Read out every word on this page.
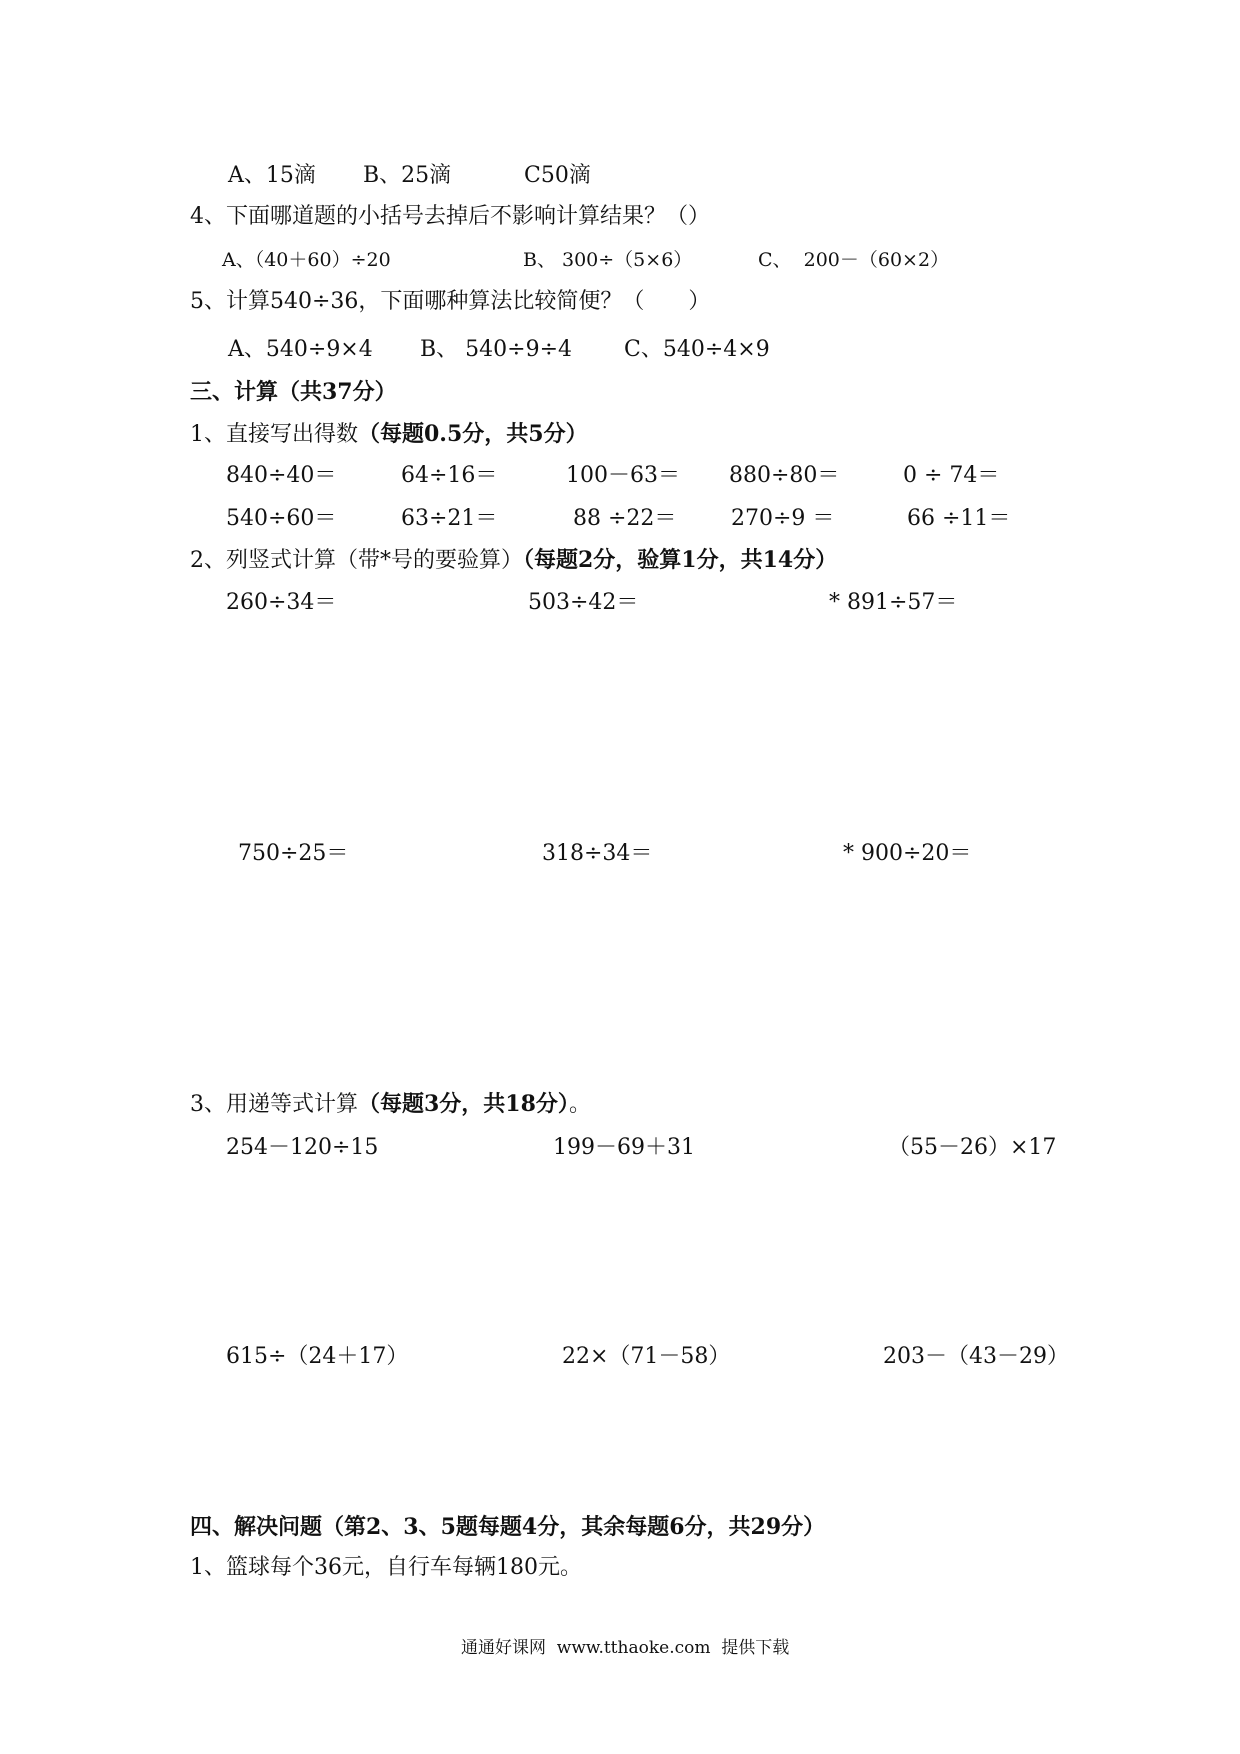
A、15滴 B、25滴	C50滴
4、下面哪道题的小括号去掉后不影响计算结果？（）
A、（40＋60）÷20	B、 300÷（5×6）	C、  200－（60×2）
5、计算540÷36，下面哪种算法比较简便？（　　）
A、540÷9×4 B、 540÷9÷4 C、540÷4×9
三、计算（共37分）
1、直接写出得数（每题0.5分，共5分）
840÷40＝	64÷16＝	100－63＝ 880÷80＝	0 ÷ 74＝
540÷60＝	63÷21＝	88 ÷22＝ 270÷9 ＝	66 ÷11＝
2、列竖式计算（带*号的要验算）（每题2分，验算1分，共14分）
260÷34＝	503÷42＝	* 891÷57＝
750÷25＝	318÷34＝	* 900÷20＝
3、用递等式计算（每题3分，共18分）。
254－120÷15	199－69＋31	（55－26）×17
615÷（24＋17）	22×（71－58）	203－（43－29）
四、解决问题（第2、3、5题每题4分，其余每题6分，共29分）
1、篮球每个36元，自行车每辆180元。
通通好课网  www.tthaoke.com  提供下载
